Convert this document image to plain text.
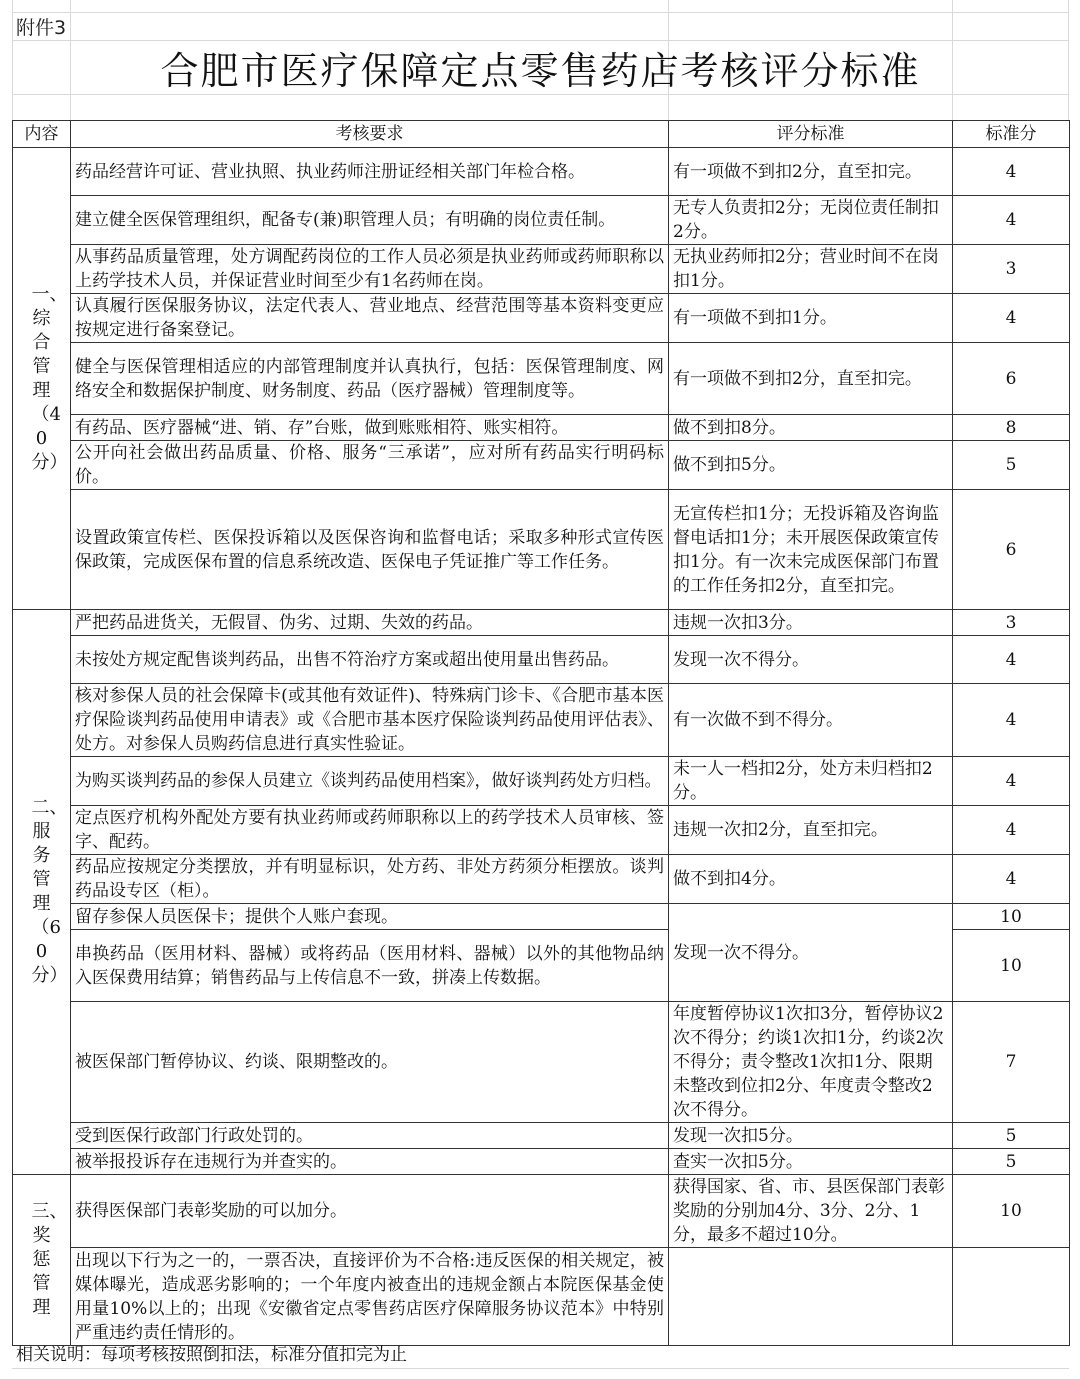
附件3
合肥市医疗保障定点零售药店考核评分标准
内容	考核要求	评分标准	标准分

一、综合管理（40分）	药品经营许可证、营业执照、执业药师注册证经相关部门年检合格。	有一项做不到扣2分，直至扣完。	4
	建立健全医保管理组织，配备专(兼)职管理人员；有明确的岗位责任制。	无专人负责扣2分；无岗位责任制扣2分。	4
	从事药品质量管理，处方调配药岗位的工作人员必须是执业药师或药师职称以上药学技术人员，并保证营业时间至少有1名药师在岗。	无执业药师扣2分；营业时间不在岗扣1分。	3
	认真履行医保服务协议，法定代表人、营业地点、经营范围等基本资料变更应按规定进行备案登记。	有一项做不到扣1分。	4
	健全与医保管理相适应的内部管理制度并认真执行，包括：医保管理制度、网络安全和数据保护制度、财务制度、药品（医疗器械）管理制度等。	有一项做不到扣2分，直至扣完。	6
	有药品、医疗器械“进、销、存”台账，做到账账相符、账实相符。	做不到扣8分。	8
	公开向社会做出药品质量、价格、服务“三承诺”，应对所有药品实行明码标价。	做不到扣5分。	5
	设置政策宣传栏、医保投诉箱以及医保咨询和监督电话；采取多种形式宣传医保政策，完成医保布置的信息系统改造、医保电子凭证推广等工作任务。	无宣传栏扣1分；无投诉箱及咨询监督电话扣1分；未开展医保政策宣传扣1分。有一次未完成医保部门布置的工作任务扣2分，直至扣完。	6

二、服务管理（60分）	严把药品进货关，无假冒、伪劣、过期、失效的药品。	违规一次扣3分。	3
	未按处方规定配售谈判药品，出售不符治疗方案或超出使用量出售药品。	发现一次不得分。	4
	核对参保人员的社会保障卡(或其他有效证件)、特殊病门诊卡、《合肥市基本医疗保险谈判药品使用申请表》或《合肥市基本医疗保险谈判药品使用评估表》、处方。对参保人员购药信息进行真实性验证。	有一次做不到不得分。	4
	为购买谈判药品的参保人员建立《谈判药品使用档案》，做好谈判药处方归档。	未一人一档扣2分，处方未归档扣2分。	4
	定点医疗机构外配处方要有执业药师或药师职称以上的药学技术人员审核、签字、配药。	违规一次扣2分，直至扣完。	4
	药品应按规定分类摆放，并有明显标识，处方药、非处方药须分柜摆放。谈判药品设专区（柜）。	做不到扣4分。	4
	留存参保人员医保卡；提供个人账户套现。	发现一次不得分。	10
	串换药品（医用材料、器械）或将药品（医用材料、器械）以外的其他物品纳入医保费用结算；销售药品与上传信息不一致，拼凑上传数据。		10
	被医保部门暂停协议、约谈、限期整改的。	年度暂停协议1次扣3分，暂停协议2次不得分；约谈1次扣1分，约谈2次不得分；责令整改1次扣1分、限期未整改到位扣2分、年度责令整改2次不得分。	7
	受到医保行政部门行政处罚的。	发现一次扣5分。	5
	被举报投诉存在违规行为并查实的。	查实一次扣5分。	5

三、奖惩管理	获得医保部门表彰奖励的可以加分。	获得国家、省、市、县医保部门表彰奖励的分别加4分、3分、2分、1分，最多不超过10分。	10
	出现以下行为之一的，一票否决，直接评价为不合格:违反医保的相关规定，被媒体曝光，造成恶劣影响的；一个年度内被查出的违规金额占本院医保基金使用量10%以上的；出现《安徽省定点零售药店医疗保障服务协议范本》中特别严重违约责任情形的。		
相关说明：每项考核按照倒扣法，标准分值扣完为止
